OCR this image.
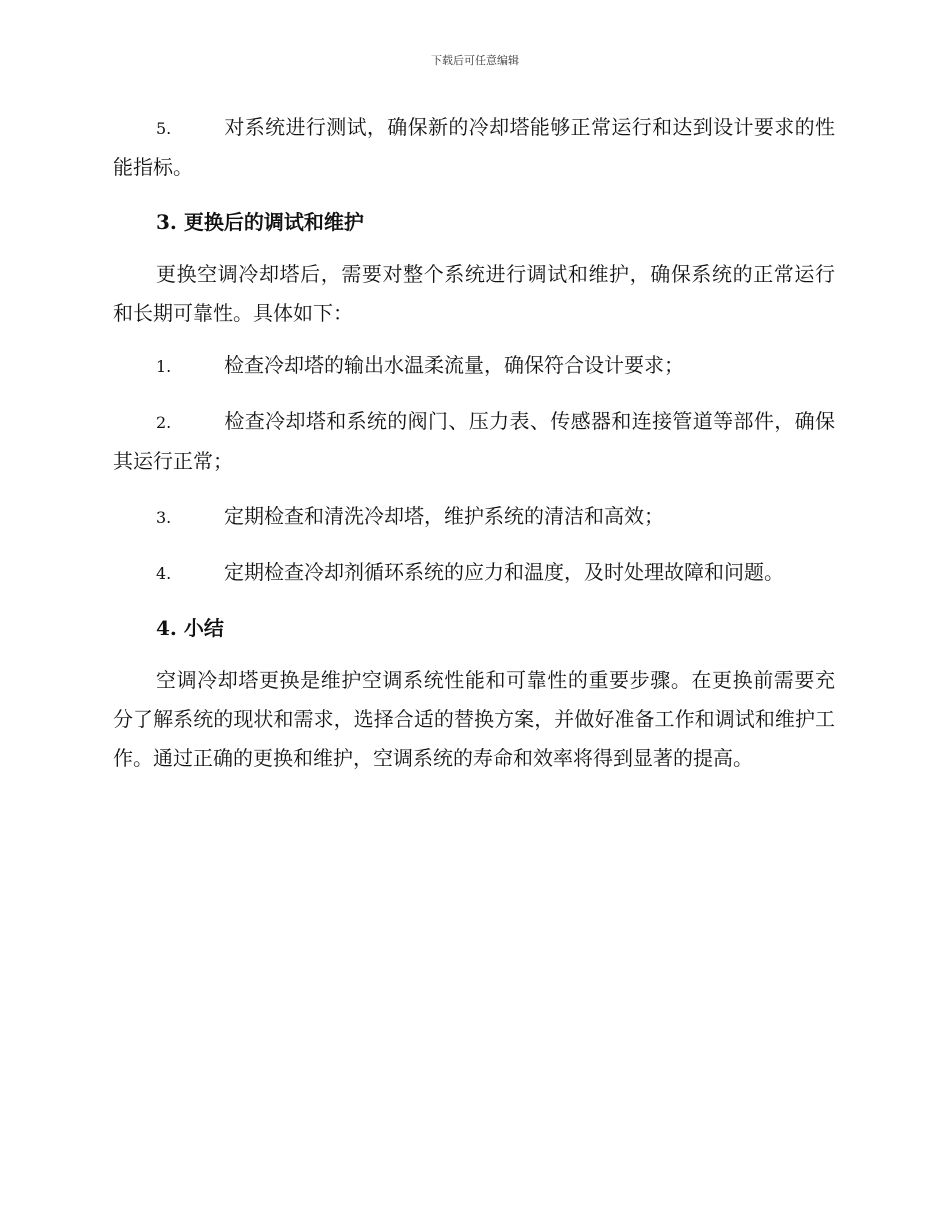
下载后可任意编辑

5.	对系统进行测试，确保新的冷却塔能够正常运行和达到设计要求的性能指标。

3. 更换后的调试和维护

更换空调冷却塔后，需要对整个系统进行调试和维护，确保系统的正常运行和长期可靠性。具体如下：

1.	检查冷却塔的输出水温柔流量，确保符合设计要求；

2.	检查冷却塔和系统的阀门、压力表、传感器和连接管道等部件，确保其运行正常；

3.	定期检查和清洗冷却塔，维护系统的清洁和高效；

4.	定期检查冷却剂循环系统的应力和温度，及时处理故障和问题。

4. 小结

空调冷却塔更换是维护空调系统性能和可靠性的重要步骤。在更换前需要充分了解系统的现状和需求，选择合适的替换方案，并做好准备工作和调试和维护工作。通过正确的更换和维护，空调系统的寿命和效率将得到显著的提高。
